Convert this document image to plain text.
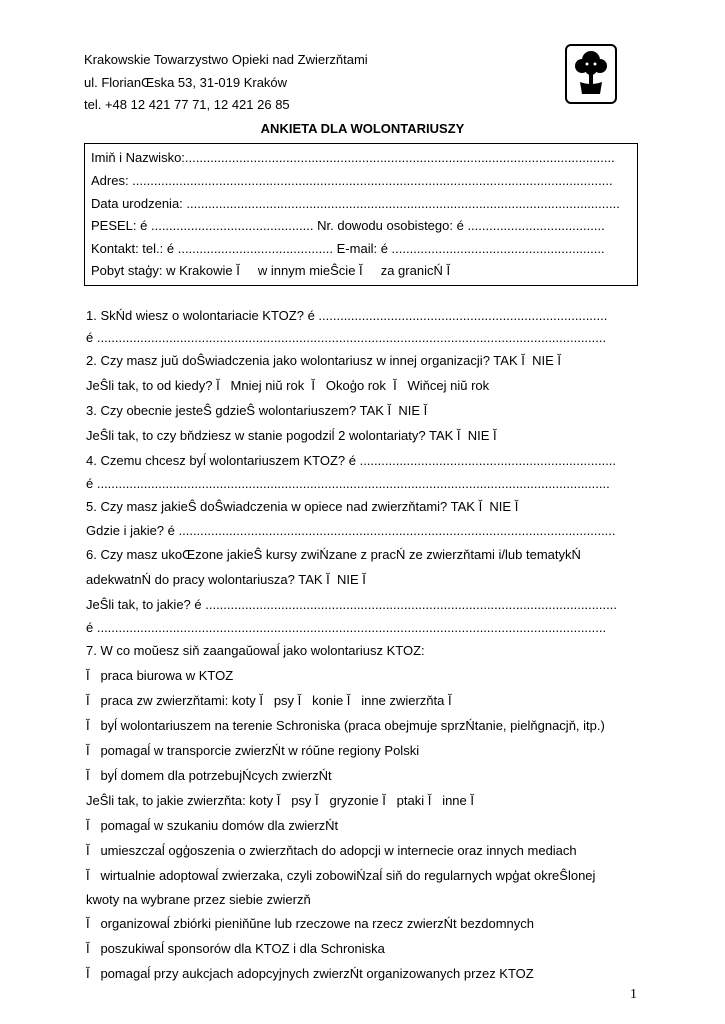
Krakowskie Towarzystwo Opieki nad Zwierzňtami
ul. FlorianŒska 53, 31-019 Kraków
tel. +48 12 421 77 71, 12 421 26 85
ANKIETA DLA WOLONTARIUSZY
Imiň i Nazwisko:.......................................................................................................................
Adres: .....................................................................................................................................
Data urodzenia: ........................................................................................................................
PESEL: é ............................................. Nr. dowodu osobistego: é ......................................
Kontakt: tel.: é ........................................... E-mail: é ...........................................................
Pobyt staģy: w Krakowie Ĭ     w innym mieŜcie Ĭ     za granicŃ Ĭ
1. SkŃd wiesz o wolontariacie KTOZ? é ................................................................................
é .............................................................................................................................................
2. Czy masz juŭ doŜwiadczenia jako wolontariusz w innej organizacji? TAK Ĭ  NIE Ĭ
JeŜli tak, to od kiedy? Ĭ   Mniej niŭ rok  Ĭ   Okoģo rok  Ĭ   Wiňcej niŭ rok
3. Czy obecnie jesteŜ gdzieŜ wolontariuszem? TAK Ĭ  NIE Ĭ
JeŜli tak, to czy bňdziesz w stanie pogodziĺ 2 wolontariaty? TAK Ĭ  NIE Ĭ
4. Czemu chcesz byĺ wolontariuszem KTOZ? é .......................................................................
é ..............................................................................................................................................
5. Czy masz jakieŜ doŜwiadczenia w opiece nad zwierzňtami? TAK Ĭ  NIE Ĭ
Gdzie i jakie? é .........................................................................................................................
6. Czy masz ukoŒzone jakieŜ kursy zwiŃzane z pracŃ ze zwierzňtami i/lub tematykŃ
adekwatnŃ do pracy wolontariusza? TAK Ĭ  NIE Ĭ
JeŜli tak, to jakie? é ..................................................................................................................
é .............................................................................................................................................
7. W co moŭesz siň zaangaŭowaĺ jako wolontariusz KTOZ:
Ĭ   praca biurowa w KTOZ
Ĭ   praca zw zwierzňtami: koty Ĭ   psy Ĭ   konie Ĭ   inne zwierzňta Ĭ
Ĭ   byĺ wolontariuszem na terenie Schroniska (praca obejmuje sprzŃtanie, pielňgnacjň, itp.)
Ĭ   pomagaĺ w transporcie zwierzŃt w róŭne regiony Polski
Ĭ   byĺ domem dla potrzebujŃcych zwierzŃt
JeŜli tak, to jakie zwierzňta: koty Ĭ   psy Ĭ   gryzonie Ĭ   ptaki Ĭ   inne Ĭ
Ĭ   pomagaĺ w szukaniu domów dla zwierzŃt
Ĭ   umieszczaĺ ogģoszenia o zwierzňtach do adopcji w internecie oraz innych mediach
Ĭ   wirtualnie adoptowaĺ zwierzaka, czyli zobowiŃzaĺ siň do regularnych wpģat okreŜlonej
kwoty na wybrane przez siebie zwierzň
Ĭ   organizowaĺ zbiórki pieniňŭne lub rzeczowe na rzecz zwierzŃt bezdomnych
Ĭ   poszukiwaĺ sponsorów dla KTOZ i dla Schroniska
Ĭ   pomagaĺ przy aukcjach adopcyjnych zwierzŃt organizowanych przez KTOZ
1
